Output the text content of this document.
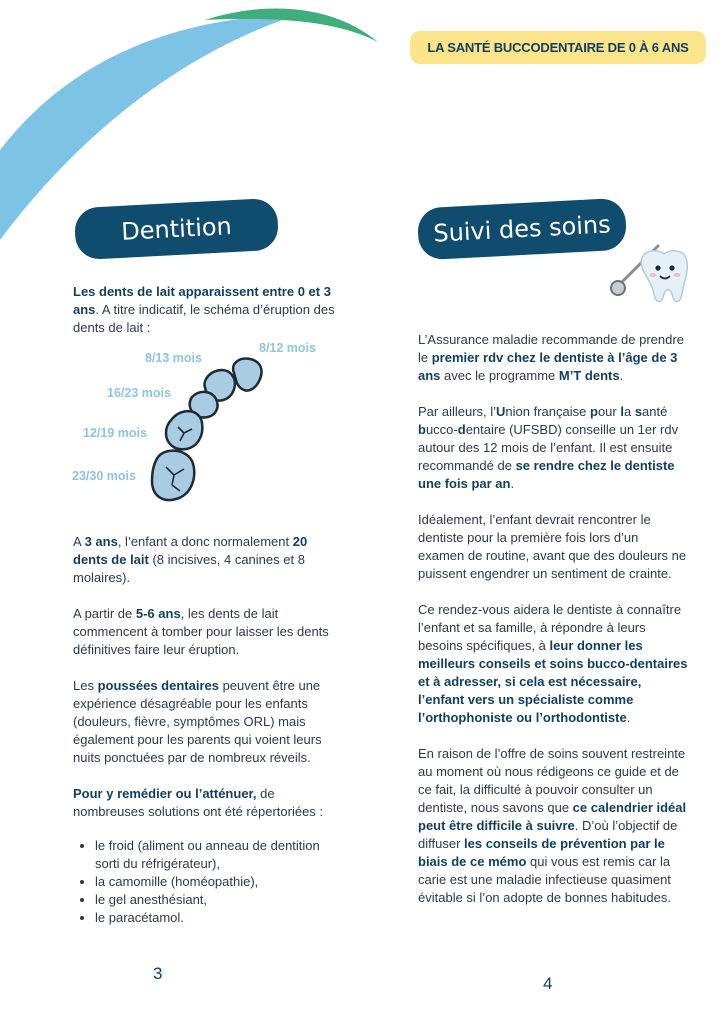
LA SANTÉ BUCCODENTAIRE DE 0 À 6 ANS
Dentition

Les dents de lait apparaissent entre 0 et 3 ans. A titre indicatif, le schéma d’éruption des dents de lait :

8/13 mois
8/12 mois
16/23 mois
12/19 mois
23/30 mois

A 3 ans, l’enfant a donc normalement 20 dents de lait (8 incisives, 4 canines et 8 molaires).

A partir de 5-6 ans, les dents de lait commencent à tomber pour laisser les dents définitives faire leur éruption.

Les poussées dentaires peuvent être une expérience désagréable pour les enfants (douleurs, fièvre, symptômes ORL) mais également pour les parents qui voient leurs nuits ponctuées par de nombreux réveils.

Pour y remédier ou l’atténuer, de nombreuses solutions ont été répertoriées :

• le froid (aliment ou anneau de dentition sorti du réfrigérateur),
• la camomille (homéopathie),
• le gel anesthésiant,
• le paracétamol.
3
Suivi des soins

L’Assurance maladie recommande de prendre le premier rdv chez le dentiste à l’âge de 3 ans avec le programme M’T dents.

Par ailleurs, l’Union française pour la santé bucco-dentaire (UFSBD) conseille un 1er rdv autour des 12 mois de l’enfant. Il est ensuite recommandé de se rendre chez le dentiste une fois par an.

Idéalement, l’enfant devrait rencontrer le dentiste pour la première fois lors d’un examen de routine, avant que des douleurs ne puissent engendrer un sentiment de crainte.

Ce rendez-vous aidera le dentiste à connaître l’enfant et sa famille, à répondre à leurs besoins spécifiques, à leur donner les meilleurs conseils et soins bucco-dentaires et à adresser, si cela est nécessaire, l’enfant vers un spécialiste comme l’orthophoniste ou l’orthodontiste.

En raison de l’offre de soins souvent restreinte au moment où nous rédigeons ce guide et de ce fait, la difficulté à pouvoir consulter un dentiste, nous savons que ce calendrier idéal peut être difficile à suivre. D’où l’objectif de diffuser les conseils de prévention par le biais de ce mémo qui vous est remis car la carie est une maladie infectieuse quasiment évitable si l’on adopte de bonnes habitudes.

4
